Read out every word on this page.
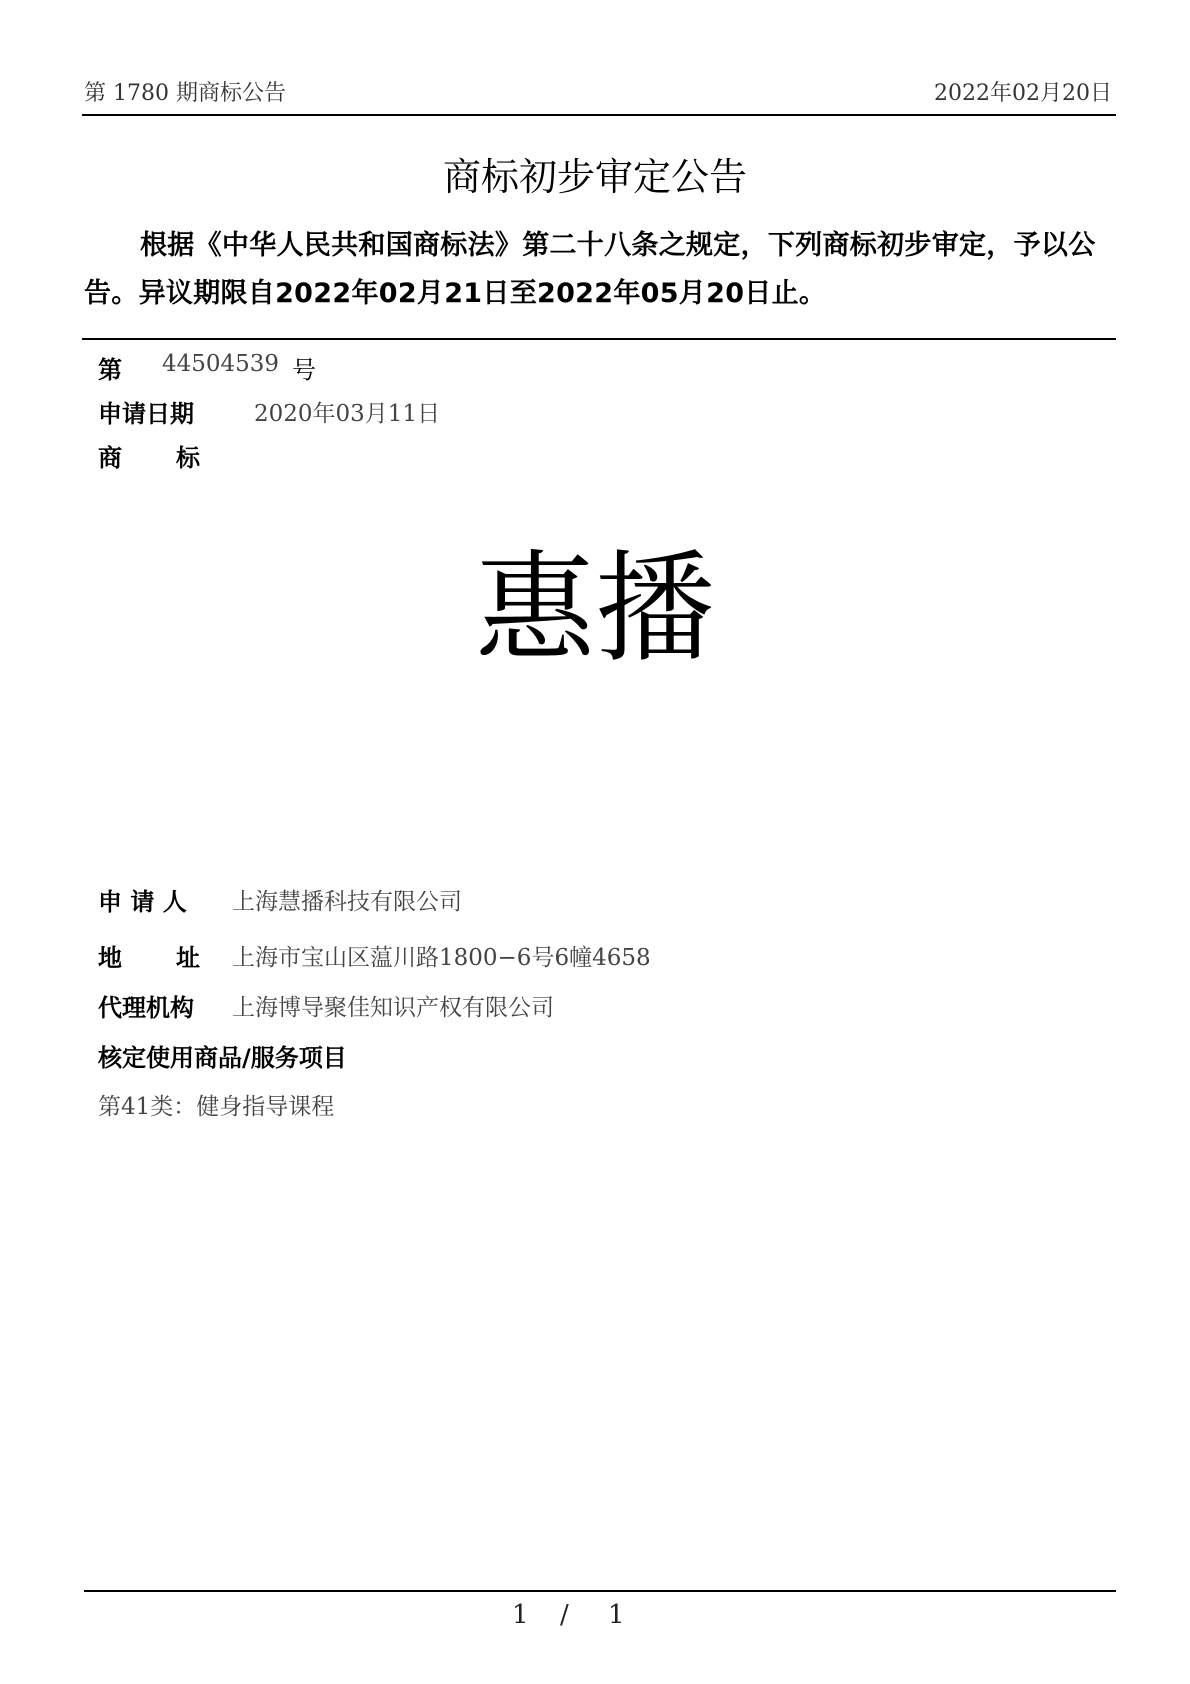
第 1780 期商标公告	2022年02月20日
商标初步审定公告
根据《中华人民共和国商标法》第二十八条之规定，下列商标初步审定，予以公告。异议期限自2022年02月21日至2022年05月20日止。
第 44504539 号
申请日期	2020年03月11日
商　　标
惠播
申 请 人 上海慧播科技有限公司
地　　址 上海市宝山区蕰川路1800−6号6幢4658
代理机构 上海博导聚佳知识产权有限公司
核定使用商品/服务项目
第41类：健身指导课程
1 / 1
